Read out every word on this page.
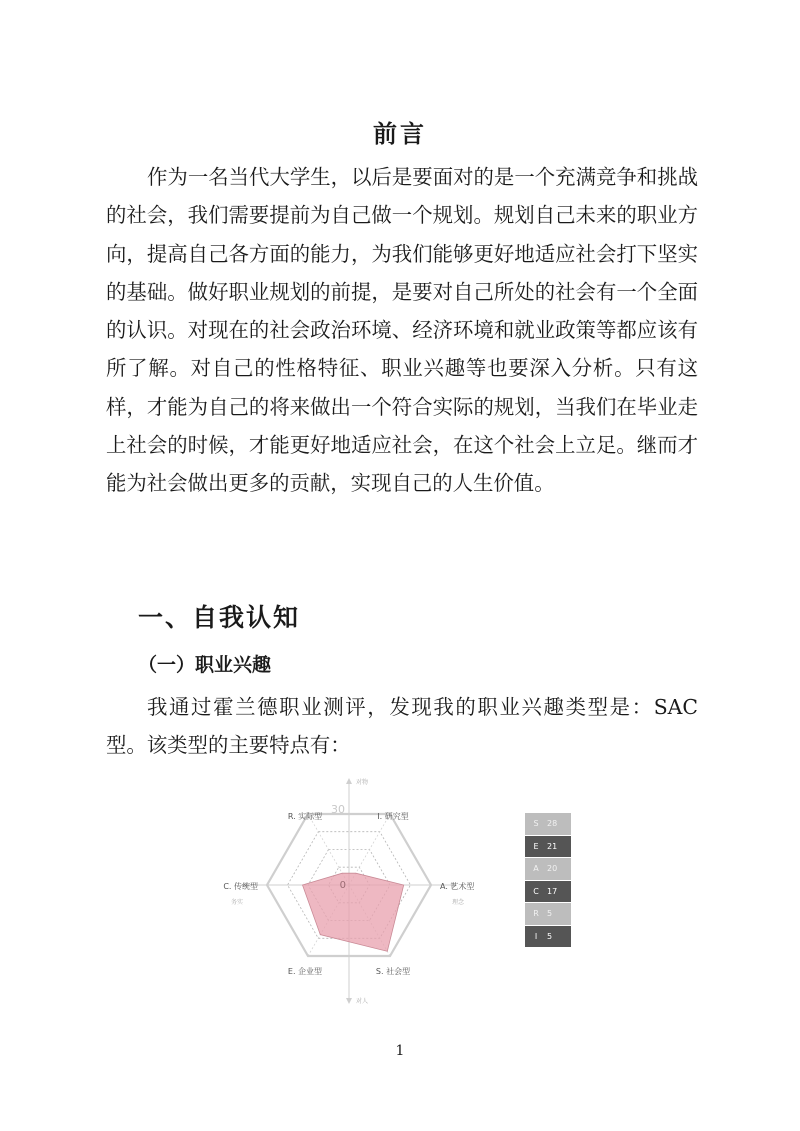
前言

作为一名当代大学生，以后是要面对的是一个充满竞争和挑战的社会，我们需要提前为自己做一个规划。规划自己未来的职业方向，提高自己各方面的能力，为我们能够更好地适应社会打下坚实的基础。做好职业规划的前提，是要对自己所处的社会有一个全面的认识。对现在的社会政治环境、经济环境和就业政策等都应该有所了解。对自己的性格特征、职业兴趣等也要深入分析。只有这样，才能为自己的将来做出一个符合实际的规划，当我们在毕业走上社会的时候，才能更好地适应社会，在这个社会上立足。继而才能为社会做出更多的贡献，实现自己的人生价值。

一、自我认知
（一）职业兴趣

我通过霍兰德职业测评，发现我的职业兴趣类型是：SAC 型。该类型的主要特点有：

30
0
R. 实际型	I. 研究型
A. 艺术型
S. 社会型
E. 企业型
C. 传统型
对物
对人
务实	理念
S	28
E	21
A	20
C	17
R	5
I	5
1
